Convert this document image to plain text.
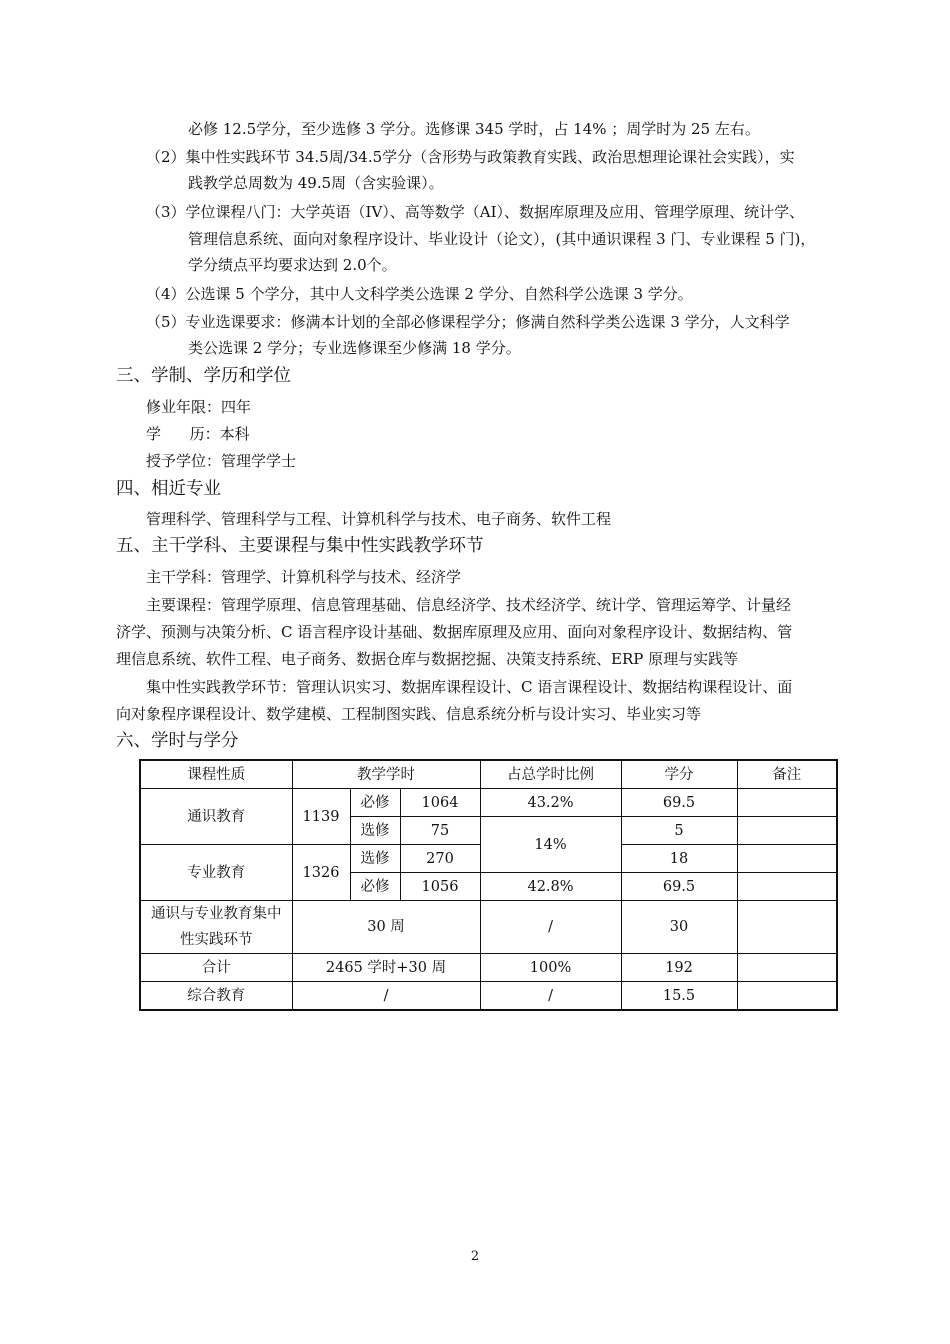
必修 12.5学分，至少选修 3 学分。选修课 345 学时，占 14% ；周学时为 25 左右。
（2）集中性实践环节 34.5周/34.5学分（含形势与政策教育实践、政治思想理论课社会实践），实
践教学总周数为 49.5周（含实验课）。
（3）学位课程八门：大学英语（IV）、高等数学（AI）、数据库原理及应用、管理学原理、统计学、
管理信息系统、面向对象程序设计、毕业设计（论文），(其中通识课程 3 门、专业课程 5 门)，
学分绩点平均要求达到 2.0个。
（4）公选课 5 个学分，其中人文科学类公选课 2 学分、自然科学公选课 3 学分。
（5）专业选课要求：修满本计划的全部必修课程学分；修满自然科学类公选课 3 学分，人文科学
类公选课 2 学分；专业选修课至少修满 18 学分。
三、学制、学历和学位
修业年限：四年
学      历：本科
授予学位：管理学学士
四、相近专业
管理科学、管理科学与工程、计算机科学与技术、电子商务、软件工程
五、主干学科、主要课程与集中性实践教学环节
主干学科：管理学、计算机科学与技术、经济学
主要课程：管理学原理、信息管理基础、信息经济学、技术经济学、统计学、管理运筹学、计量经
济学、预测与决策分析、C 语言程序设计基础、数据库原理及应用、面向对象程序设计、数据结构、管
理信息系统、软件工程、电子商务、数据仓库与数据挖掘、决策支持系统、ERP 原理与实践等
集中性实践教学环节：管理认识实习、数据库课程设计、C 语言课程设计、数据结构课程设计、面
向对象程序课程设计、数学建模、工程制图实践、信息系统分析与设计实习、毕业实习等
六、学时与学分
课程性质	教学学时			占总学时比例	学分	备注
通识教育	1139	必修	1064	43.2%	69.5	
		选修	75	14%	5	
专业教育	1326	选修	270		18	
		必修	1056	42.8%	69.5	
通识与专业教育集中性实践环节	30 周			/	30	
合计	2465 学时+30 周			100%	192	
综合教育	/			/	15.5	
2
